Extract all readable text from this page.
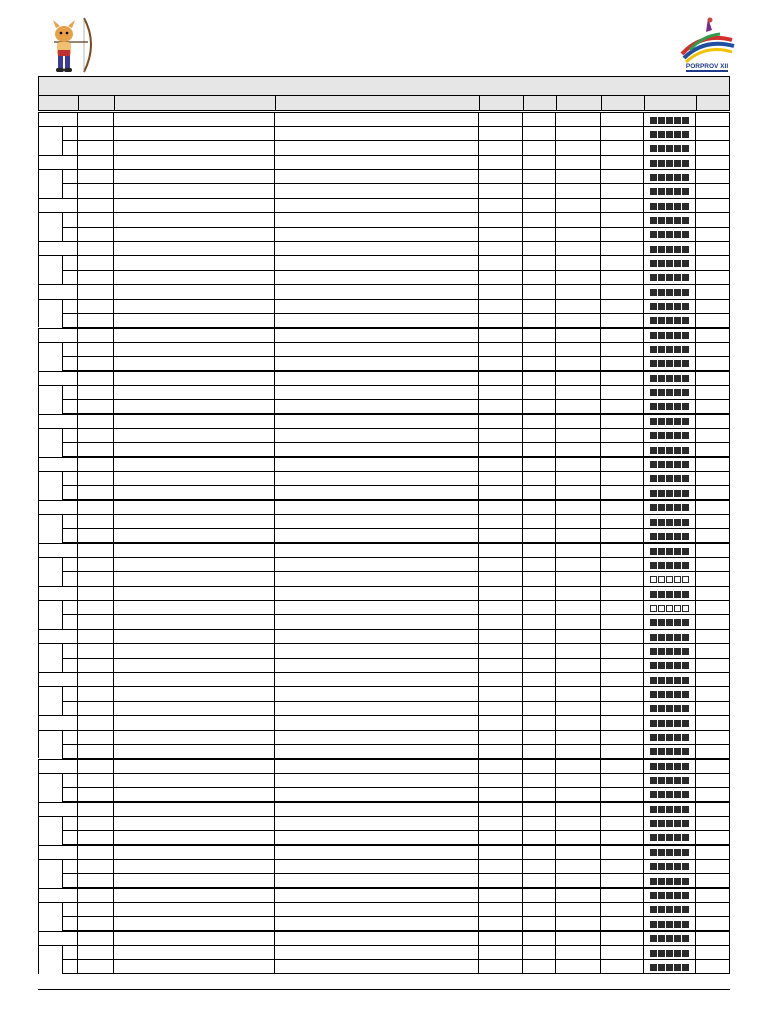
PORPROV XII
